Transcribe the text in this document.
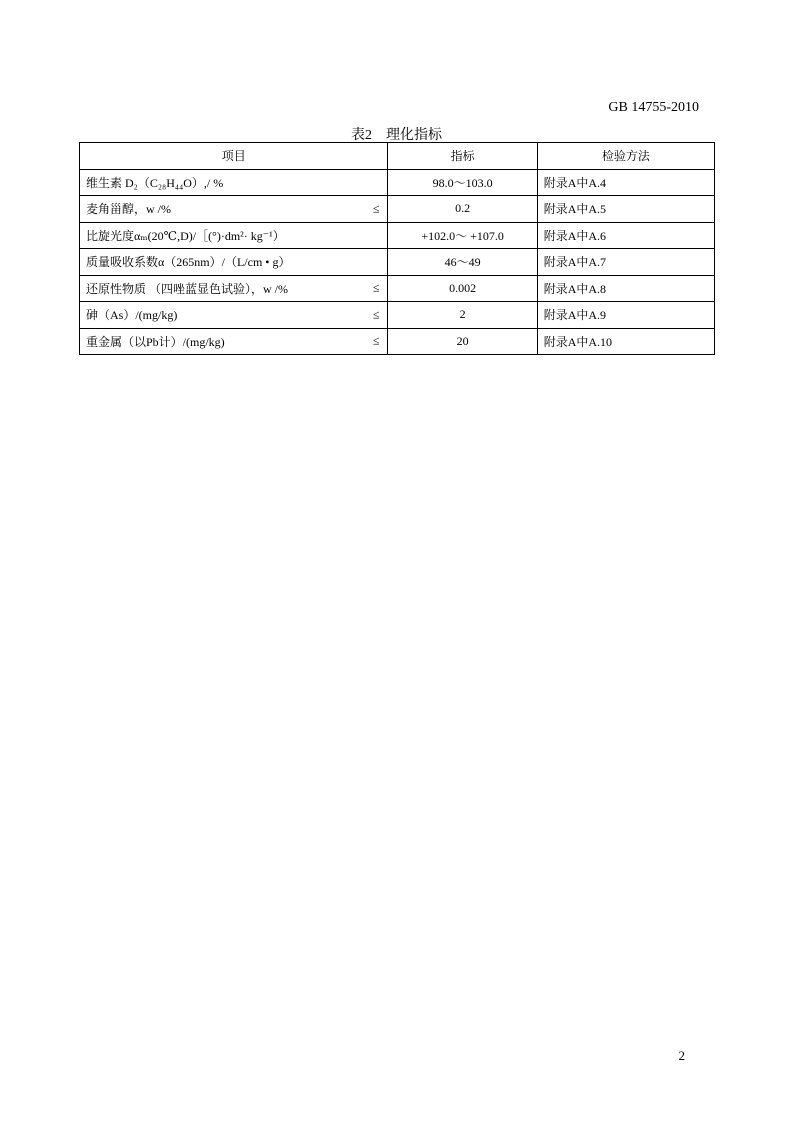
GB 14755-2010
表2　理化指标
项目	指标	检验方法
维生素 D₂（C₂₈H₄₄O）,/ %	98.0～103.0	附录A中A.4
麦角甾醇，w /% ≤	0.2	附录A中A.5
比旋光度αₘ(20℃,D)/［(°)·dm²· kg⁻¹）	+102.0～ +107.0	附录A中A.6
质量吸收系数α（265nm）/（L/cm • g）	46～49	附录A中A.7
还原性物质 （四唑蓝显色试验），w /% ≤	0.002	附录A中A.8
砷（As）/(mg/kg) ≤	2	附录A中A.9
重金属（以Pb计）/(mg/kg) ≤	20	附录A中A.10
2
